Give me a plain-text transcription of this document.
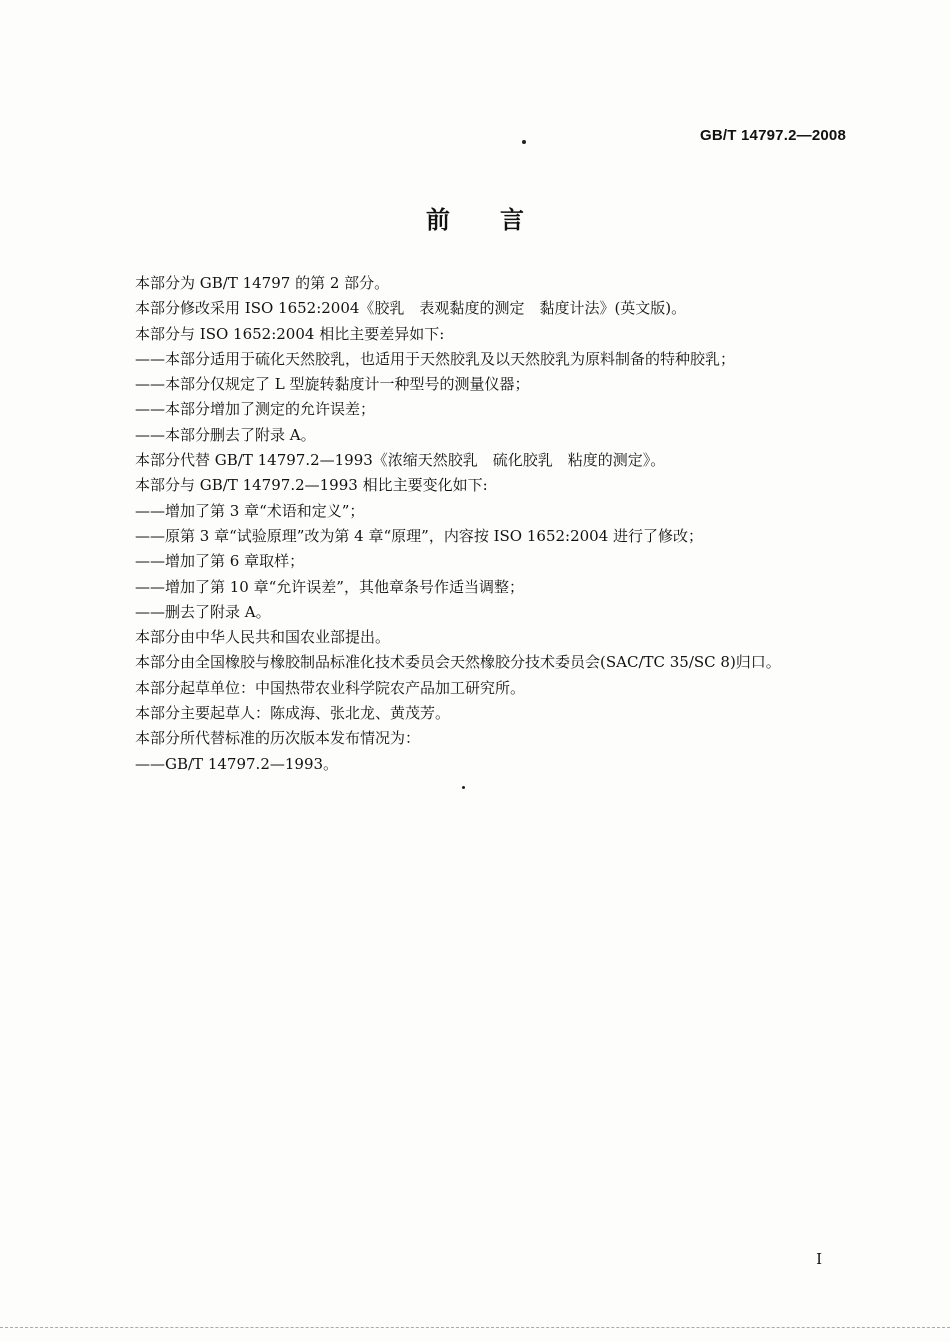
GB/T 14797.2—2008
前言

本部分为 GB/T 14797 的第 2 部分。

本部分修改采用 ISO 1652:2004《胶乳　表观黏度的测定　黏度计法》(英文版)。

本部分与 ISO 1652:2004 相比主要差异如下:

——本部分适用于硫化天然胶乳，也适用于天然胶乳及以天然胶乳为原料制备的特种胶乳；

——本部分仅规定了 L 型旋转黏度计一种型号的测量仪器；

——本部分增加了测定的允许误差；

——本部分删去了附录 A。

本部分代替 GB/T 14797.2—1993《浓缩天然胶乳　硫化胶乳　粘度的测定》。

本部分与 GB/T 14797.2—1993 相比主要变化如下:

——增加了第 3 章“术语和定义”；

——原第 3 章“试验原理”改为第 4 章“原理”，内容按 ISO 1652:2004 进行了修改；

——增加了第 6 章取样；

——增加了第 10 章“允许误差”，其他章条号作适当调整；

——删去了附录 A。

本部分由中华人民共和国农业部提出。

本部分由全国橡胶与橡胶制品标准化技术委员会天然橡胶分技术委员会(SAC/TC 35/SC 8)归口。

本部分起草单位：中国热带农业科学院农产品加工研究所。

本部分主要起草人：陈成海、张北龙、黄茂芳。

本部分所代替标准的历次版本发布情况为：

——GB/T 14797.2—1993。

I
